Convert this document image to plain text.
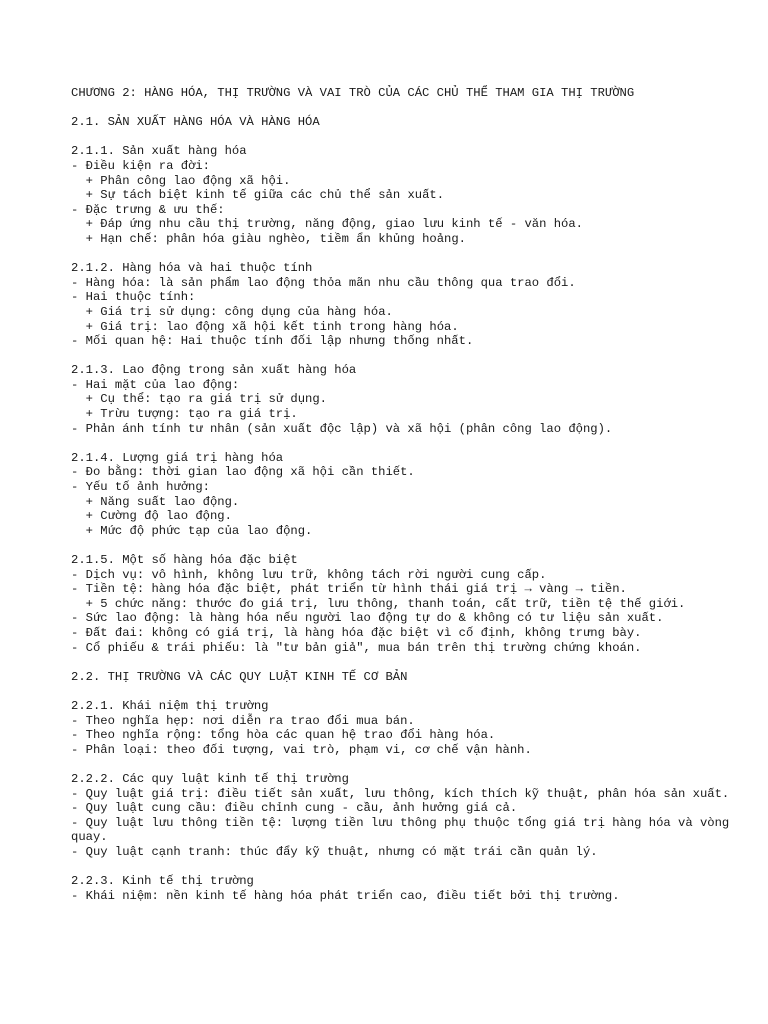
CHƯƠNG 2: HÀNG HÓA, THỊ TRƯỜNG VÀ VAI TRÒ CỦA CÁC CHỦ THỂ THAM GIA THỊ TRƯỜNG
2.1. SẢN XUẤT HÀNG HÓA VÀ HÀNG HÓA
2.1.1. Sản xuất hàng hóa
- Điều kiện ra đời:
+ Phân công lao động xã hội.
+ Sự tách biệt kinh tế giữa các chủ thể sản xuất.
- Đặc trưng & ưu thế:
+ Đáp ứng nhu cầu thị trường, năng động, giao lưu kinh tế - văn hóa.
+ Hạn chế: phân hóa giàu nghèo, tiềm ẩn khủng hoảng.
2.1.2. Hàng hóa và hai thuộc tính
- Hàng hóa: là sản phẩm lao động thỏa mãn nhu cầu thông qua trao đổi.
- Hai thuộc tính:
+ Giá trị sử dụng: công dụng của hàng hóa.
+ Giá trị: lao động xã hội kết tinh trong hàng hóa.
- Mối quan hệ: Hai thuộc tính đối lập nhưng thống nhất.
2.1.3. Lao động trong sản xuất hàng hóa
- Hai mặt của lao động:
+ Cụ thể: tạo ra giá trị sử dụng.
+ Trừu tượng: tạo ra giá trị.
- Phản ánh tính tư nhân (sản xuất độc lập) và xã hội (phân công lao động).
2.1.4. Lượng giá trị hàng hóa
- Đo bằng: thời gian lao động xã hội cần thiết.
- Yếu tố ảnh hưởng:
+ Năng suất lao động.
+ Cường độ lao động.
+ Mức độ phức tạp của lao động.
2.1.5. Một số hàng hóa đặc biệt
- Dịch vụ: vô hình, không lưu trữ, không tách rời người cung cấp.
- Tiền tệ: hàng hóa đặc biệt, phát triển từ hình thái giá trị → vàng → tiền.
+ 5 chức năng: thước đo giá trị, lưu thông, thanh toán, cất trữ, tiền tệ thế giới.
- Sức lao động: là hàng hóa nếu người lao động tự do & không có tư liệu sản xuất.
- Đất đai: không có giá trị, là hàng hóa đặc biệt vì cố định, không trưng bày.
- Cổ phiếu & trái phiếu: là "tư bản giả", mua bán trên thị trường chứng khoán.
2.2. THỊ TRƯỜNG VÀ CÁC QUY LUẬT KINH TẾ CƠ BẢN
2.2.1. Khái niệm thị trường
- Theo nghĩa hẹp: nơi diễn ra trao đổi mua bán.
- Theo nghĩa rộng: tổng hòa các quan hệ trao đổi hàng hóa.
- Phân loại: theo đối tượng, vai trò, phạm vi, cơ chế vận hành.
2.2.2. Các quy luật kinh tế thị trường
- Quy luật giá trị: điều tiết sản xuất, lưu thông, kích thích kỹ thuật, phân hóa sản xuất.
- Quy luật cung cầu: điều chỉnh cung - cầu, ảnh hưởng giá cả.
- Quy luật lưu thông tiền tệ: lượng tiền lưu thông phụ thuộc tổng giá trị hàng hóa và vòng quay.
- Quy luật cạnh tranh: thúc đẩy kỹ thuật, nhưng có mặt trái cần quản lý.
2.2.3. Kinh tế thị trường
- Khái niệm: nền kinh tế hàng hóa phát triển cao, điều tiết bởi thị trường.
